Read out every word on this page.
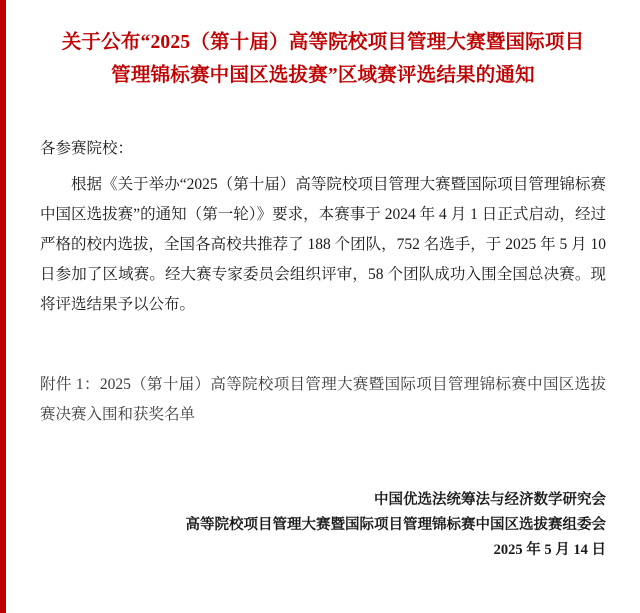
关于公布“2025（第十届）高等院校项目管理大赛暨国际项目
管理锦标赛中国区选拔赛”区域赛评选结果的通知
各参赛院校：
根据《关于举办“2025（第十届）高等院校项目管理大赛暨国际项目管理锦标赛中国区选拔赛”的通知（第一轮）》要求，本赛事于 2024 年 4 月 1 日正式启动，经过严格的校内选拔，全国各高校共推荐了 188 个团队，752 名选手，于 2025 年 5 月 10 日参加了区域赛。经大赛专家委员会组织评审，58 个团队成功入围全国总决赛。现将评选结果予以公布。
附件 1：2025（第十届）高等院校项目管理大赛暨国际项目管理锦标赛中国区选拔赛决赛入围和获奖名单
中国优选法统筹法与经济数学研究会
高等院校项目管理大赛暨国际项目管理锦标赛中国区选拔赛组委会
2025 年 5 月 14 日
